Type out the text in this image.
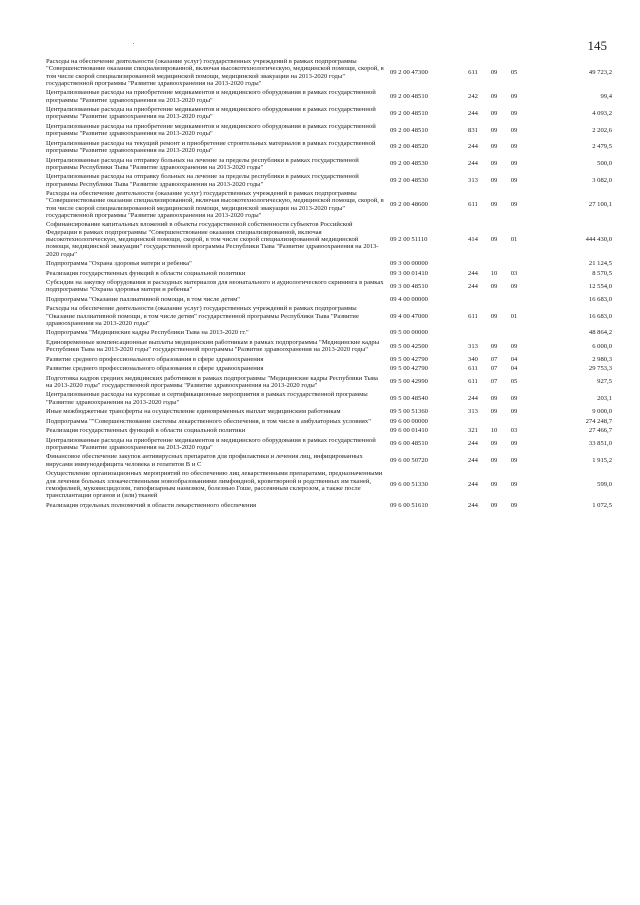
145
Расходы на обеспечение деятельности (оказание услуг) государственных учреждений в рамках подпрограммы "Совершенствование оказания специализированной, включая высокотехнологическую, медицинской помощи, скорой, в том числе скорой специализированной медицинской помощи, медицинской эвакуации на 2013-2020 годы" государственной программы "Развитие здравоохранения на 2013-2020 годы"	09 2 00 47300	611	09	05	49 723,2
Централизованные расходы на приобретение медикаментов и медицинского оборудования в рамках государственной программы "Развитие здравоохранения на 2013-2020 годы"	09 2 00 48510	242	09	09	99,4
Централизованные расходы на приобретение медикаментов и медицинского оборудования в рамках государственной программы "Развитие здравоохранения на 2013-2020 годы"	09 2 00 48510	244	09	09	4 093,2
Централизованные расходы на приобретение медикаментов и медицинского оборудования в рамках государственной программы "Развитие здравоохранения на 2013-2020 годы"	09 2 00 48510	831	09	09	2 202,6
Централизованные расходы на текущий ремонт и приобретение строительных материалов в рамках государственной программы "Развитие здравоохранения на 2013-2020 годы"	09 2 00 48520	244	09	09	2 479,5
Централизованные расходы на отправку больных на лечение за пределы республики в рамках государственной программы Республики Тыва "Развитие здравоохранения на 2013-2020 годы"	09 2 00 48530	244	09	09	500,0
Централизованные расходы на отправку больных на лечение за пределы республики в рамках государственной программы Республики Тыва "Развитие здравоохранения на 2013-2020 годы"	09 2 00 48530	313	09	09	3 082,0
Расходы на обеспечение деятельности (оказание услуг) государственных учреждений в рамках подпрограммы "Совершенствование оказания специализированной, включая высокотехнологическую, медицинской помощи, скорой, в том числе скорой специализированной медицинской помощи, медицинской эвакуации на 2013-2020 годы" государственной программы "Развитие здравоохранения на 2013-2020 годы"	09 2 00 48600	611	09	09	27 100,1
Софинансирование капитальных вложений в объекты государственной собственности субъектов Российской Федерации в рамках подпрограммы "Совершенствование оказания специализированной, включая высокотехнологическую, медицинской помощи, скорой, в том числе скорой специализированной медицинской помощи, медицинской эвакуации" государственной программы Республики Тыва "Развитие здравоохранения на 2013-2020 годы"	09 2 00 51110	414	09	01	444 430,0
Подпрограмма "Охрана здоровья матери и ребенка"	09 3 00 00000				21 124,5
Реализация государственных функций в области социальной политики	09 3 00 01410	244	10	03	8 570,5
Субсидии на закупку оборудования и расходных материалов для неонатального и аудиологического скрининга в рамках подпрограммы "Охрана здоровья матери и ребенка"	09 3 00 48510	244	09	09	12 554,0
Подпрограмма "Оказание паллиативной помощи, в том числе детям"	09 4 00 00000				16 683,0
Расходы на обеспечение деятельности (оказание услуг) государственных учреждений в рамках подпрограммы "Оказание паллиативной помощи, в том числе детям" государственной программы Республики Тыва "Развитие здравоохранения на 2013-2020 годы"	09 4 00 47000	611	09	01	16 683,0
Подпрограмма "Медицинские кадры Республики Тыва на 2013-2020 гг."	09 5 00 00000				48 864,2
Единовременные компенсационные выплаты медицинским работникам в рамках подпрограммы "Медицинские кадры Республики Тыва на 2013-2020 годы" государственной программы "Развитие здравоохранения на 2013-2020 годы"	09 5 00 42500	313	09	09	6 000,0
Развитие среднего профессионального образования в сфере здравоохранения	09 5 00 42790	340	07	04	2 980,3
Развитие среднего профессионального образования в сфере здравоохранения	09 5 00 42790	611	07	04	29 753,3
Подготовка кадров средних медицинских работников в рамках подпрограммы "Медицинские кадры Республики Тыва на 2013-2020 годы" государственной программы "Развитие здравоохранения на 2013-2020 годы"	09 5 00 42990	611	07	05	927,5
Централизованные расходы на курсовые и сертификационные мероприятия в рамках государственной программы "Развитие здравоохранения на 2013-2020 годы"	09 5 00 48540	244	09	09	203,1
Иные межбюджетные трансферты на осуществление единовременных выплат медицинским работникам	09 5 00 51360	313	09	09	9 000,0
Подпрограмма ""Совершенствование системы лекарственного обеспечения, в том числе в амбулаторных условиях"	09 6 00 00000				274 248,7
Реализация государственных функций в области социальной политики	09 6 00 01410	321	10	03	27 466,7
Централизованные расходы на приобретение медикаментов и медицинского оборудования в рамках государственной программы "Развитие здравоохранения на 2013-2020 годы"	09 6 00 48510	244	09	09	33 851,0
Финансовое обеспечение закупок антивирусных препаратов для профилактики и лечения лиц, инфицированных вирусами иммунодефицита человека и гепатитов В и С	09 6 00 50720	244	09	09	1 915,2
Осуществление организационных мероприятий по обеспечению лиц лекарственными препаратами, предназначенными для лечения больных злокачественными новообразованиями лимфоидной, кроветворной и родственных им тканей, гемофилией, муковисцидозом, гипофизарным нанизмом, болезнью Гоше, рассеянным склерозом, а также после трансплантации органов и (или) тканей	09 6 00 51330	244	09	09	599,0
Реализация отдельных полномочий в области лекарственного обеспечения	09 6 00 51610	244	09	09	1 072,5
